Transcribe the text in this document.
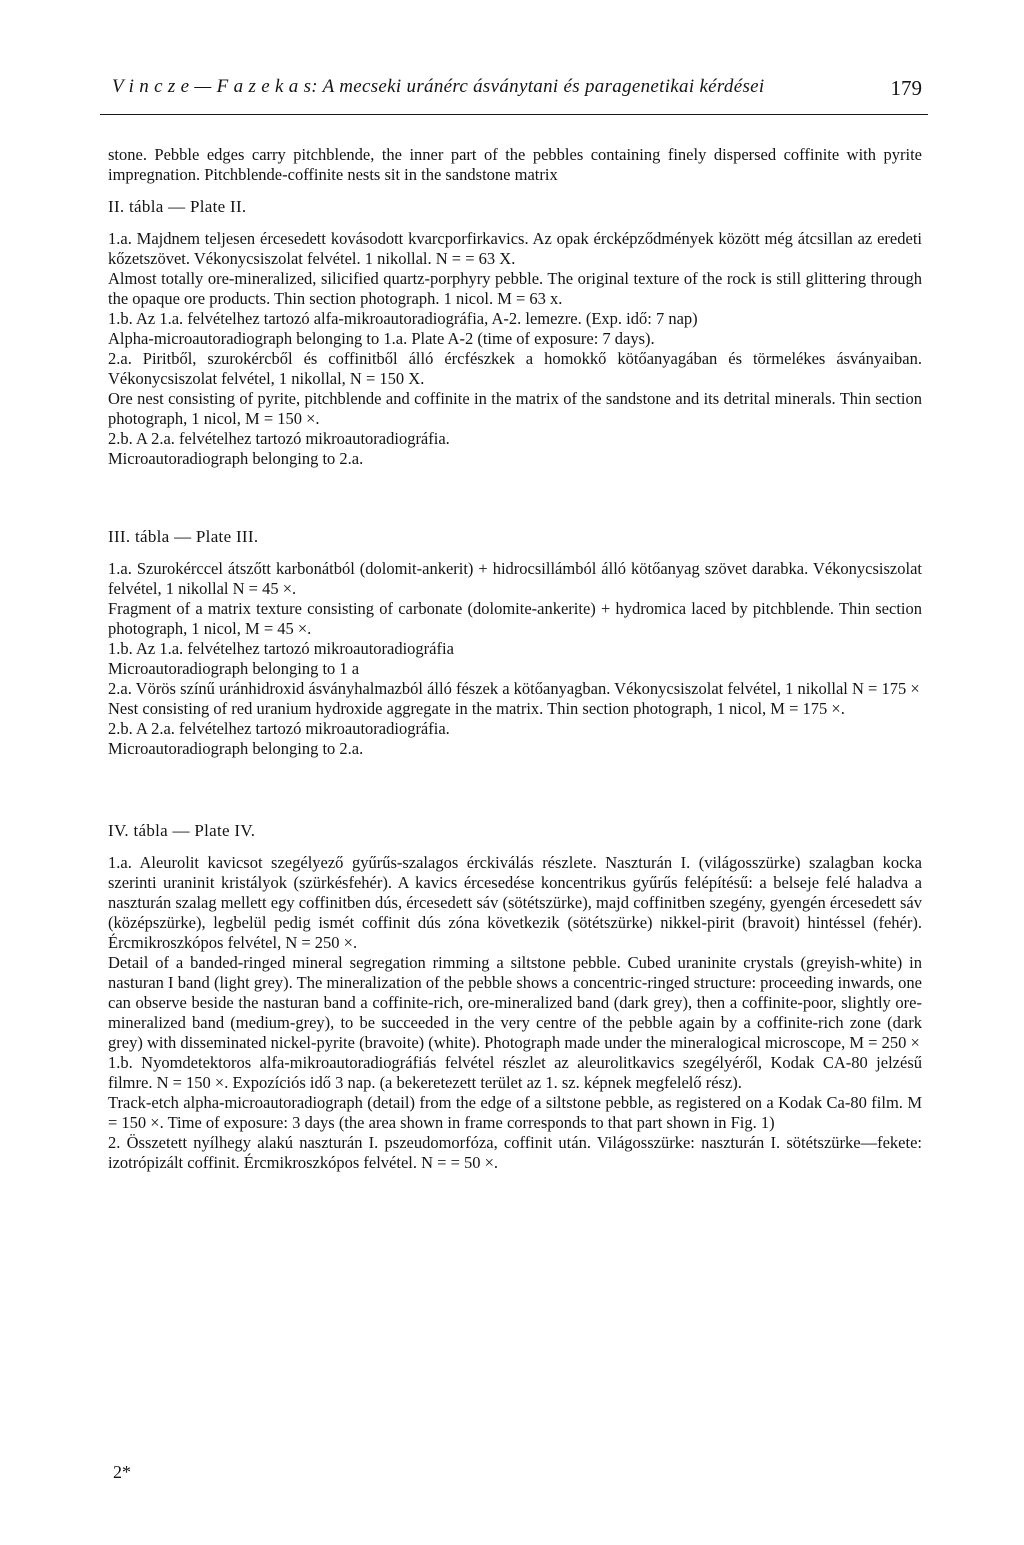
V i n c z e — F a z e k a s: A mecseki uránérc ásványtani és paragenetikai kérdései	179

stone. Pebble edges carry pitchblende, the inner part of the pebbles containing finely dispersed coffinite with pyrite impregnation. Pitchblende-coffinite nests sit in the sandstone matrix

II. tábla — Plate II.

1.a. Majdnem teljesen ércesedett kovásodott kvarcporfirkavics. Az opak ércképződmények között még átcsillan az eredeti kőzetszövet. Vékonycsiszolat felvétel. 1 nikollal. N = = 63 X.

Almost totally ore-mineralized, silicified quartz-porphyry pebble. The original texture of the rock is still glittering through the opaque ore products. Thin section photograph. 1 nicol. M = 63 x.

1.b. Az 1.a. felvételhez tartozó alfa-mikroautoradiográfia, A-2. lemezre. (Exp. idő: 7 nap)

Alpha-microautoradiograph belonging to 1.a. Plate A-2 (time of exposure: 7 days).

2.a. Piritből, szurokércből és coffinitből álló ércfészkek a homokkő kötőanyagában és törmelékes ásványaiban. Vékonycsiszolat felvétel, 1 nikollal, N = 150 X.

Ore nest consisting of pyrite, pitchblende and coffinite in the matrix of the sandstone and its detrital minerals. Thin section photograph, 1 nicol, M = 150 ×.

2.b. A 2.a. felvételhez tartozó mikroautoradiográfia.

Microautoradiograph belonging to 2.a.

III. tábla — Plate III.

1.a. Szurokérccel átszőtt karbonátból (dolomit-ankerit) + hidrocsillámból álló kötőanyag szövet darabka. Vékonycsiszolat felvétel, 1 nikollal N = 45 ×.

Fragment of a matrix texture consisting of carbonate (dolomite-ankerite) + hydromica laced by pitchblende. Thin section photograph, 1 nicol, M = 45 ×.

1.b. Az 1.a. felvételhez tartozó mikroautoradiográfia

Microautoradiograph belonging to 1 a

2.a. Vörös színű uránhidroxid ásványhalmazból álló fészek a kötőanyagban. Vékonycsiszolat felvétel, 1 nikollal N = 175 ×

Nest consisting of red uranium hydroxide aggregate in the matrix. Thin section photograph, 1 nicol, M = 175 ×.

2.b. A 2.a. felvételhez tartozó mikroautoradiográfia.

Microautoradiograph belonging to 2.a.

IV. tábla — Plate IV.

1.a. Aleurolit kavicsot szegélyező gyűrűs-szalagos érckiválás részlete. Naszturán I. (világosszürke) szalagban kocka szerinti uraninit kristályok (szürkésfehér). A kavics ércesedése koncentrikus gyűrűs felépítésű: a belseje felé haladva a naszturán szalag mellett egy coffinitben dús, ércesedett sáv (sötétszürke), majd coffinitben szegény, gyengén ércesedett sáv (középszürke), legbelül pedig ismét coffinit dús zóna következik (sötétszürke) nikkel-pirit (bravoit) hintéssel (fehér). Ércmikroszkópos felvétel, N = 250 ×.

Detail of a banded-ringed mineral segregation rimming a siltstone pebble. Cubed uraninite crystals (greyish-white) in nasturan I band (light grey). The mineralization of the pebble shows a concentric-ringed structure: proceeding inwards, one can observe beside the nasturan band a coffinite-rich, ore-mineralized band (dark grey), then a coffinite-poor, slightly ore-mineralized band (medium-grey), to be succeeded in the very centre of the pebble again by a coffinite-rich zone (dark grey) with disseminated nickel-pyrite (bravoite) (white). Photograph made under the mineralogical microscope, M = 250 ×

1.b. Nyomdetektoros alfa-mikroautoradiográfiás felvétel részlet az aleurolitkavics szegélyéről, Kodak CA-80 jelzésű filmre. N = 150 ×. Expozíciós idő 3 nap. (a bekeretezett terület az 1. sz. képnek megfelelő rész).

Track-etch alpha-microautoradiograph (detail) from the edge of a siltstone pebble, as registered on a Kodak Ca-80 film. M = 150 ×. Time of exposure: 3 days (the area shown in frame corresponds to that part shown in Fig. 1)

2. Összetett nyílhegy alakú naszturán I. pszeudomorfóza, coffinit után. Világosszürke: naszturán I. sötétszürke—fekete: izotrópizált coffinit. Ércmikroszkópos felvétel. N = = 50 ×.

2*
